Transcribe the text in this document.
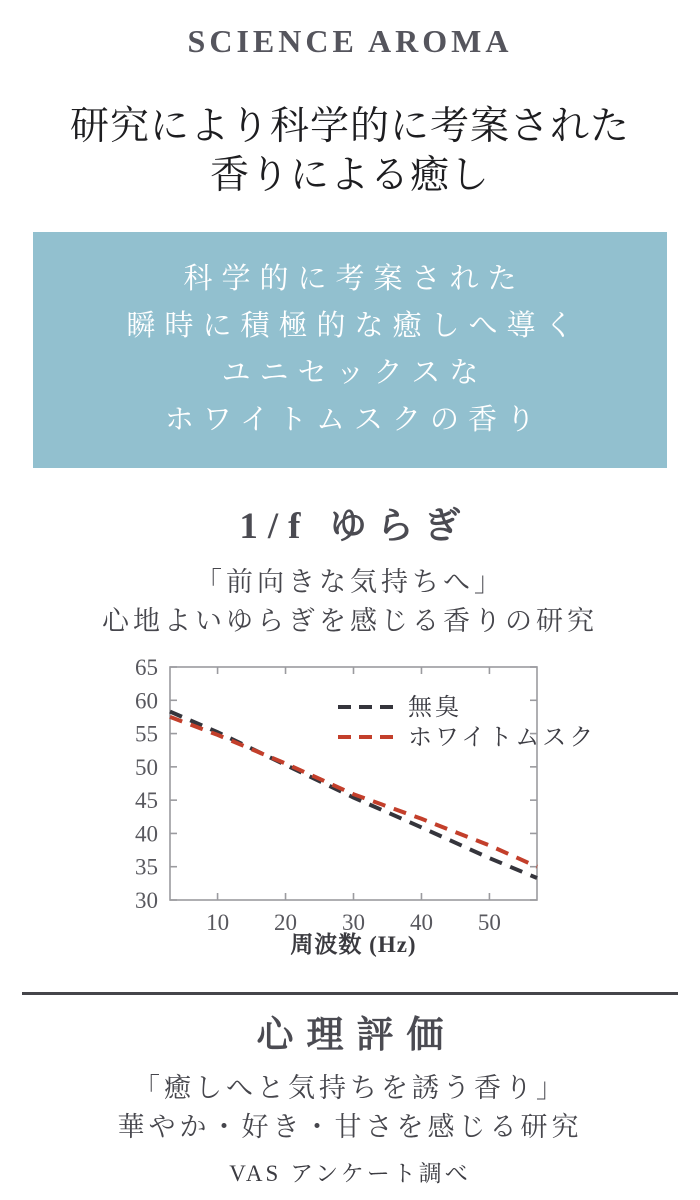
SCIENCE AROMA
研究により科学的に考案された
香りによる癒し
科学的に考案された
瞬時に積極的な癒しへ導く
ユニセックスな
ホワイトムスクの香り
1/f ゆらぎ
「前向きな気持ちへ」
心地よいゆらぎを感じる香りの研究
10 20 30 40 50
30
35
40
45
50
55
60
65
無臭
ホワイトムスク
周波数 (Hz)
心理評価
「癒しへと気持ちを誘う香り」
華やか・好き・甘さを感じる研究
VAS アンケート調べ
